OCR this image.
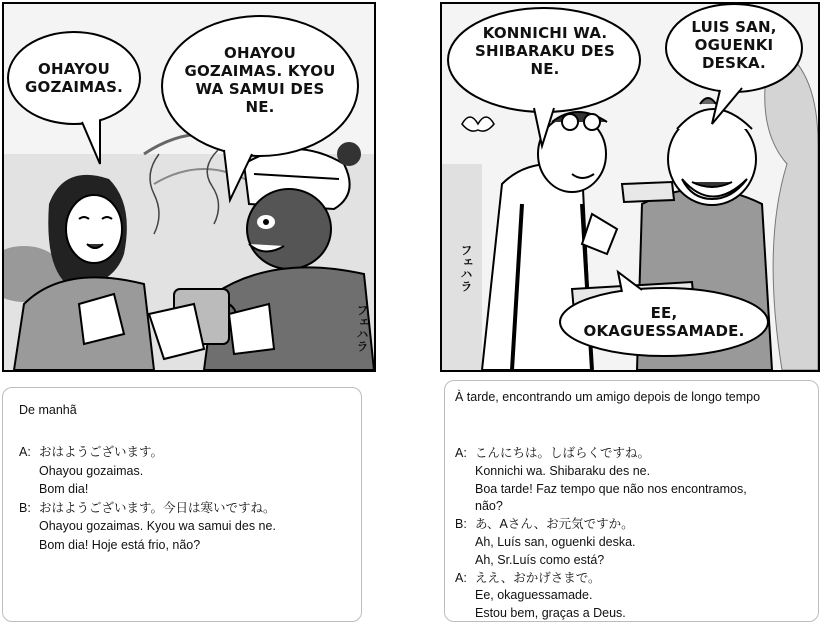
OHAYOU
GOZAIMAS.
OHAYOU
GOZAIMAS. KYOU
WA SAMUI DES
NE.
フェハラ
KONNICHI WA.
SHIBARAKU DES
NE.
LUIS SAN,
OGUENKI
DESKA.
EE,
OKAGUESSAMADE.
フェハラ
De manhã
A: おはようございます。
Ohayou gozaimas.
Bom dia!
B: おはようございます。今日は寒いですね。
Ohayou gozaimas. Kyou wa samui des ne.
Bom dia! Hoje está frio, não?
À tarde, encontrando um amigo depois de longo tempo
A: こんにちは。しばらくですね。
Konnichi wa. Shibaraku des ne.
Boa tarde! Faz tempo que não nos encontramos,
não?
B: あ、Aさん、お元気ですか。
Ah, Luís san, oguenki deska.
Ah, Sr.Luís como está?
A: ええ、おかげさまで。
Ee, okaguessamade.
Estou bem, graças a Deus.
